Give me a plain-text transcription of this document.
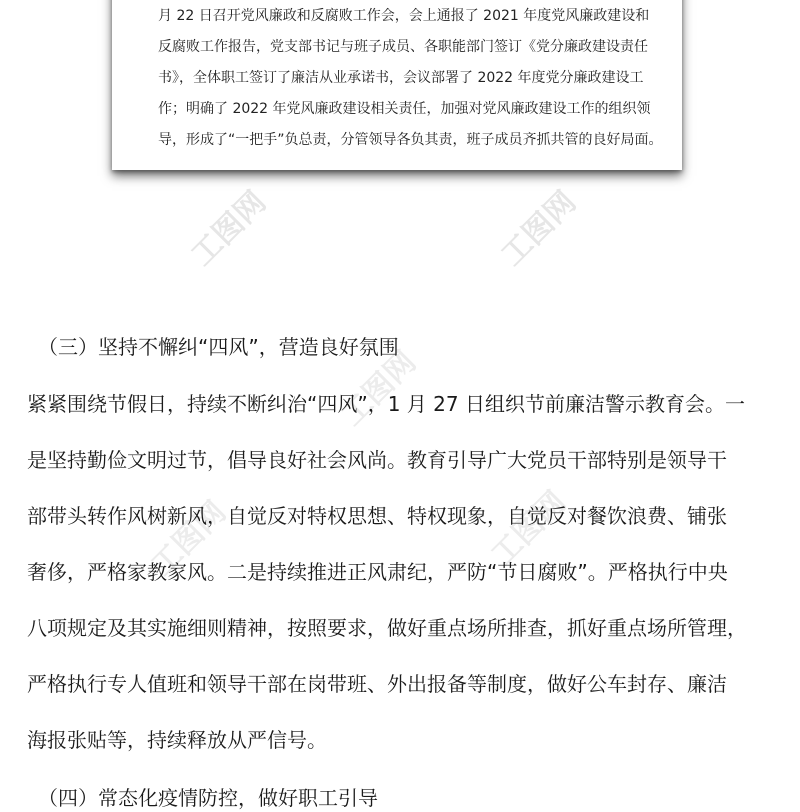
工图网	工图网
工图网
工图网	工图网

月 22 日召开党风廉政和反腐败工作会，会上通报了 2021 年度党风廉政建设和

反腐败工作报告，党支部书记与班子成员、各职能部门签订《党分廉政建设责任

书》，全体职工签订了廉洁从业承诺书，会议部署了 2022 年度党分廉政建设工

作；明确了 2022 年党风廉政建设相关责任，加强对党风廉政建设工作的组织领

导，形成了“一把手”负总责，分管领导各负其责，班子成员齐抓共管的良好局面。

（三）坚持不懈纠“四风”，营造良好氛围

紧紧围绕节假日，持续不断纠治“四风”，1 月 27 日组织节前廉洁警示教育会。一

是坚持勤俭文明过节，倡导良好社会风尚。教育引导广大党员干部特别是领导干

部带头转作风树新风，自觉反对特权思想、特权现象，自觉反对餐饮浪费、铺张

奢侈，严格家教家风。二是持续推进正风肃纪，严防“节日腐败”。严格执行中央

八项规定及其实施细则精神，按照要求，做好重点场所排查，抓好重点场所管理，

严格执行专人值班和领导干部在岗带班、外出报备等制度，做好公车封存、廉洁

海报张贴等，持续释放从严信号。

（四）常态化疫情防控，做好职工引导
